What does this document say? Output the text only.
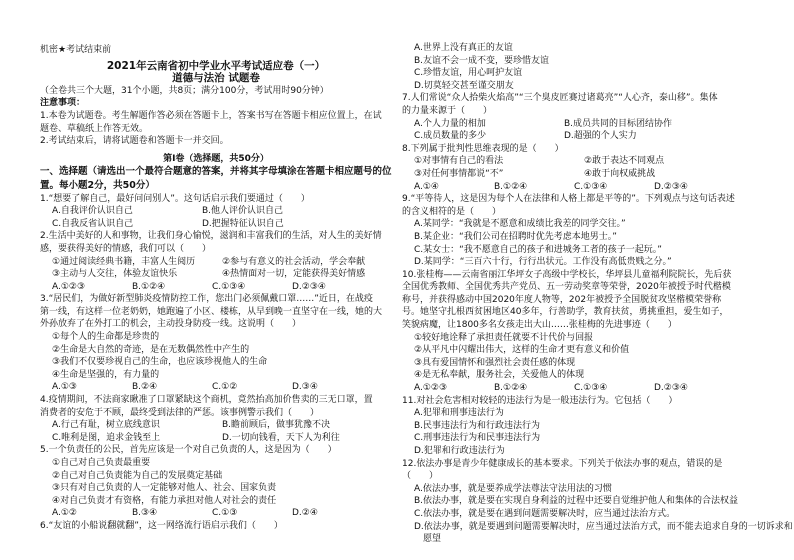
机密★考试结束前
2021年云南省初中学业水平考试适应卷（一）
道德与法治 试题卷
（全卷共三个大题，31个小题，共8页；满分100分，考试用时90分钟）
注意事项：
1.本卷为试题卷。考生解题作答必须在答题卡上，答案书写在答题卡相应位置上，在试
题卷、草稿纸上作答无效。
2.考试结束后，请将试题卷和答题卡一并交回。
第Ⅰ卷（选择题，共50分）
一、选择题（请选出一个最符合题意的答案，并将其字母填涂在答题卡相应题号的位
置。每小题2分，共50分）
1.“想要了解自己，最好问问别人”。这句话启示我们要通过（　　）
A.自我评价认识自己	B.他人评价认识自己
C.自我反省认识自己	D.把握特征认识自己
2.生活中美好的人和事物，让我们身心愉悦，滋润和丰富我们的生活，对人生的美好情
感，要获得美好的情感，我们可以（　　）
①通过阅读经典书籍，丰富人生阅历	②参与有意义的社会活动，学会奉献
③主动与人交往，体验友谊快乐	④热情面对一切，定能获得美好情感
A.①②③	B.①②④	C.①③④	D.②③④
3.“居民们，为做好新型肺炎疫情防控工作，您出门必须佩戴口罩……”近日，在战疫
第一线，有这样一位老奶奶，她跑遍了小区、楼栋，从早到晚一直坚守在一线，她的大
外孙放弃了在外打工的机会，主动投身防疫一线。这说明（　　）
①每个人的生命都是珍贵的
②生命是大自然的奇迹，是在无数偶然性中产生的
③我们不仅要珍视自己的生命，也应该珍视他人的生命
④生命是坚强的，有力量的
A.①③	B.②④	C.①②	D.③④
4.疫情期间，不法商家瞅准了口罩紧缺这个商机，竟然抬高加价售卖的三无口罩，置
消费者的安危于不顾，最终受到法律的严惩。该事例警示我们（　　）
A.行己有耻，树立底线意识	B.瞻前顾后，做事犹豫不决
C.唯利是图，追求金钱至上	D.一切向钱看，天下人为利往
5.一个负责任的公民，首先应该是一个对自己负责的人，这是因为（　　）
①自己对自己负责最重要
②自己对自己负责能为自己的发展奠定基础
③只有对自己负责的人一定能够对他人、社会、国家负责
④对自己负责才有资格，有能力承担对他人对社会的责任
A.①②	B.③④	C.①③	D.②④
6.“友谊的小船说翻就翻”，这一网络流行语启示我们（　　）
A.世界上没有真正的友谊
B.友谊不会一成不变，要珍惜友谊
C.珍惜友谊，用心呵护友谊
D.切莫轻交甚至谨交朋友
7.人们常说“众人拾柴火焰高”“三个臭皮匠赛过诸葛亮”“人心齐，泰山移”。集体
的力量来源于（　　）
A.个人力量的相加	B.成员共同的目标团结协作
C.成员数量的多少	D.超强的个人实力
8.下列属于批判性思维表现的是（　　）
①对事情有自己的看法	②敢于表达不同观点
③对任何事情都说“不”	④敢于向权威挑战
A.①④	B.①②④	C.①③④	D.②③④
9.“平等待人，这是因为每个人在法律和人格上都是平等的”。下列观点与这句话表述
的含义相符的是（　　）
A.某同学：“我就是不愿意和成绩比我差的同学交往。”
B.某企业：“我们公司在招聘时优先考虑本地男士。”
C.某女士：“我不愿意自己的孩子和进城务工者的孩子一起玩。”
D.某同学：“三百六十行，行行出状元。工作没有高低贵贱之分。”
10.张桂梅——云南省丽江华坪女子高级中学校长，华坪县儿童福利院院长，先后获
全国优秀教师、全国优秀共产党员、五一劳动奖章等荣誉，2020年被授予时代楷模
称号，并获得感动中国2020年度人物等，202年被授予全国脱贫攻坚楷模荣誉称
号。她坚守扎根西贫困地区40多年，行善助学，教育扶贫，勇挑重担，爱生如子，
笑貌病魔，让1800多名女孩走出大山……张桂梅的先进事迹（　　）
①较好地诠释了承担责任就要不计代价与回报
②从平凡中闪耀出伟大，这样的生命才更有意义和价值
③具有爱国情怀和强烈社会责任感的体现
④是无私奉献，服务社会，关爱他人的体现
A.①②③	B.①②④	C.①③④	D.②③④
11.对社会危害相对较轻的违法行为是一般违法行为。它包括（　　）
A.犯罪和刑事违法行为
B.民事违法行为和行政违法行为
C.刑事违法行为和民事违法行为
D.犯罪和行政违法行为
12.依法办事是青少年健康成长的基本要求。下列关于依法办事的观点，错误的是
（　　）
A.依法办事，就是要养成学法尊法守法用法的习惯
B.依法办事，就是要在实现自身利益的过程中还要自觉维护他人和集体的合法权益
C.依法办事，就是要在遇到问题需要解决时，应当通过法治方式。
D.依法办事，就是要遇到问题需要解决时，应当通过法治方式，而不能去追求自身的一切诉求和
　愿望
